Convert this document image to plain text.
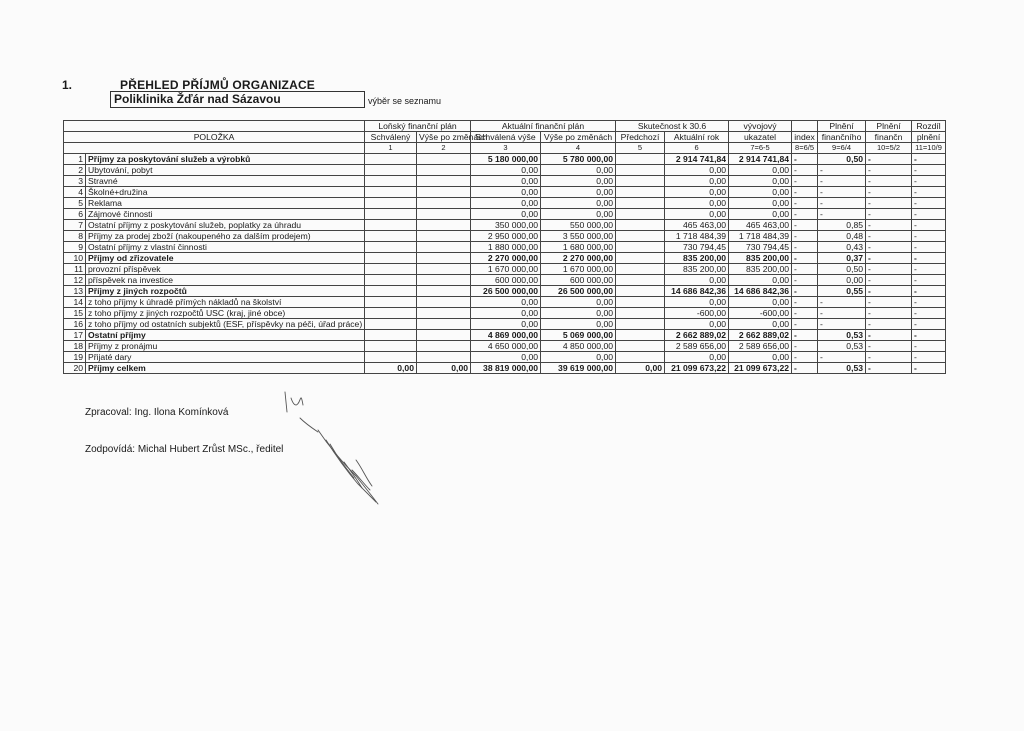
1.	PŘEHLED PŘÍJMŮ ORGANIZACE
Poliklinika Žďár nad Sázavou	výběr se seznamu
		Loňský finanční plán		Aktuální finanční plán		Skutečnost k 30.6		vývojový		Plnění	Plnění	Rozdíl
POLOŽKA		Schválený	Výše po změnách	Schválená výše	Výše po změnách	Předchozí	Aktuální rok	ukazatel	index	finančního	finančn	plnění
		1	2	3	4	5	6	7=6-5	8=6/5	9=6/4	10=5/2	11=10/9
1	Příjmy za poskytování služeb a výrobků			5 180 000,00	5 780 000,00		2 914 741,84	2 914 741,84	-	0,50	-	-
2	Ubytování, pobyt			0,00	0,00		0,00	0,00	-	-	-	-
3	Stravné			0,00	0,00		0,00	0,00	-	-	-	-
4	Školné+družina			0,00	0,00		0,00	0,00	-	-	-	-
5	Reklama			0,00	0,00		0,00	0,00	-	-	-	-
6	Zájmové činnosti			0,00	0,00		0,00	0,00	-	-	-	-
7	Ostatní příjmy z poskytování služeb, poplatky za úhradu			350 000,00	550 000,00		465 463,00	465 463,00	-	0,85	-	-
8	Příjmy za prodej zboží (nakoupeného za dalším prodejem)			2 950 000,00	3 550 000,00		1 718 484,39	1 718 484,39	-	0,48	-	-
9	Ostatní příjmy z vlastní činnosti			1 880 000,00	1 680 000,00		730 794,45	730 794,45	-	0,43	-	-
10	Příjmy od zřizovatele			2 270 000,00	2 270 000,00		835 200,00	835 200,00	-	0,37	-	-
11	provozní příspěvek			1 670 000,00	1 670 000,00		835 200,00	835 200,00	-	0,50	-	-
12	příspěvek na investice			600 000,00	600 000,00		0,00	0,00	-	0,00	-	-
13	Příjmy z jiných rozpočtů			26 500 000,00	26 500 000,00		14 686 842,36	14 686 842,36	-	0,55	-	-
14	z toho příjmy k úhradě přímých nákladů na školství			0,00	0,00		0,00	0,00	-	-	-	-
15	z toho příjmy z jiných rozpočtů USC (kraj, jiné obce)			0,00	0,00		-600,00	-600,00	-	-	-	-
16	z toho příjmy od ostatních subjektů (ESF, příspěvky na péči, úřad práce)			0,00	0,00		0,00	0,00	-	-	-	-
17	Ostatní příjmy			4 869 000,00	5 069 000,00		2 662 889,02	2 662 889,02	-	0,53	-	-
18	Příjmy z pronájmu			4 650 000,00	4 850 000,00		2 589 656,00	2 589 656,00	-	0,53	-	-
19	Přijaté dary			0,00	0,00		0,00	0,00	-	-	-	-
20	Příjmy celkem	0,00	0,00	38 819 000,00	39 619 000,00	0,00	21 099 673,22	21 099 673,22	-	0,53	-	-
Zpracoval: Ing. Ilona Komínková
Zodpovídá: Michal Hubert Zrůst MSc., ředitel
